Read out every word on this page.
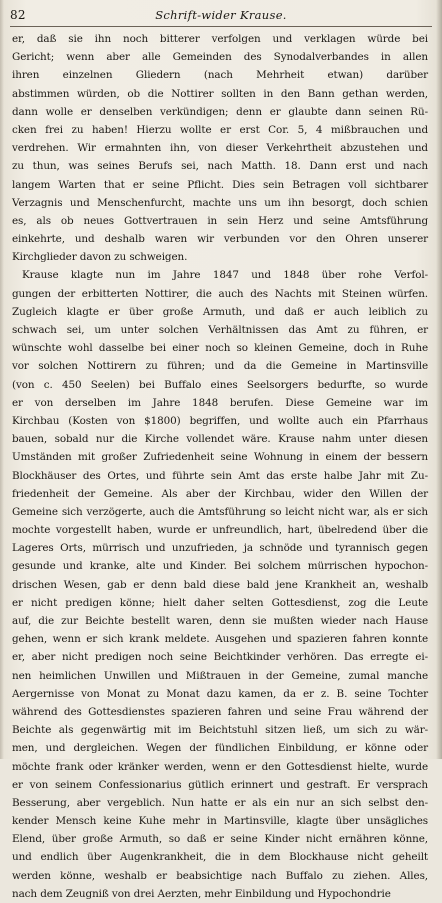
82	Schrift-wider Krause.
er, daß sie ihn noch bitterer verfolgen und verklagen würde bei
Gericht; wenn aber alle Gemeinden des Synodalverbandes in allen
ihren einzelnen Gliedern (nach Mehrheit etwan) darüber
abstimmen würden, ob die Nottirer sollten in den Bann gethan werden,
dann wolle er denselben verkündigen; denn er glaubte dann seinen Rü-
cken frei zu haben! Hierzu wollte er erst Cor. 5, 4 mißbrauchen und
verdrehen. Wir ermahnten ihn, von dieser Verkehrtheit abzustehen und
zu thun, was seines Berufs sei, nach Matth. 18. Dann erst und nach
langem Warten that er seine Pflicht. Dies sein Betragen voll sichtbarer
Verzagnis und Menschenfurcht, machte uns um ihn besorgt, doch schien
es, als ob neues Gottvertrauen in sein Herz und seine Amtsführung
einkehrte, und deshalb waren wir verbunden vor den Ohren unserer
Kirchglieder davon zu schweigen.
Krause klagte nun im Jahre 1847 und 1848 über rohe Verfol-
gungen der erbitterten Nottirer, die auch des Nachts mit Steinen würfen.
Zugleich klagte er über große Armuth, und daß er auch leiblich zu
schwach sei, um unter solchen Verhältnissen das Amt zu führen, er
wünschte wohl dasselbe bei einer noch so kleinen Gemeine, doch in Ruhe
vor solchen Nottirern zu führen; und da die Gemeine in Martinsville
(von c. 450 Seelen) bei Buffalo eines Seelsorgers bedurfte, so wurde
er von derselben im Jahre 1848 berufen. Diese Gemeine war im
Kirchbau (Kosten von $1800) begriffen, und wollte auch ein Pfarrhaus
bauen, sobald nur die Kirche vollendet wäre. Krause nahm unter diesen
Umständen mit großer Zufriedenheit seine Wohnung in einem der bessern
Blockhäuser des Ortes, und führte sein Amt das erste halbe Jahr mit Zu-
friedenheit der Gemeine. Als aber der Kirchbau, wider den Willen der
Gemeine sich verzögerte, auch die Amtsführung so leicht nicht war, als er sich
mochte vorgestellt haben, wurde er unfreundlich, hart, übelredend über die
Lageres Orts, mürrisch und unzufrieden, ja schnöde und tyrannisch gegen
gesunde und kranke, alte und Kinder. Bei solchem mürrischen hypochon-
drischen Wesen, gab er denn bald diese bald jene Krankheit an, weshalb
er nicht predigen könne; hielt daher selten Gottesdienst, zog die Leute
auf, die zur Beichte bestellt waren, denn sie mußten wieder nach Hause
gehen, wenn er sich krank meldete. Ausgehen und spazieren fahren konnte
er, aber nicht predigen noch seine Beichtkinder verhören. Das erregte ei-
nen heimlichen Unwillen und Mißtrauen in der Gemeine, zumal manche
Aergernisse von Monat zu Monat dazu kamen, da er z. B. seine Tochter
während des Gottesdienstes spazieren fahren und seine Frau während der
Beichte als gegenwärtig mit im Beichtstuhl sitzen ließ, um sich zu wär-
men, und dergleichen. Wegen der fündlichen Einbildung, er könne oder
möchte frank oder kränker werden, wenn er den Gottesdienst hielte, wurde
er von seinem Confessionarius gütlich erinnert und gestraft. Er versprach
Besserung, aber vergeblich. Nun hatte er als ein nur an sich selbst den-
kender Mensch keine Kuhe mehr in Martinsville, klagte über unsägliches
Elend, über große Armuth, so daß er seine Kinder nicht ernähren könne,
und endlich über Augenkrankheit, die in dem Blockhause nicht geheilt
werden könne, weshalb er beabsichtige nach Buffalo zu ziehen. Alles,
nach dem Zeugniß von drei Aerzten, mehr Einbildung und Hypochondrie
